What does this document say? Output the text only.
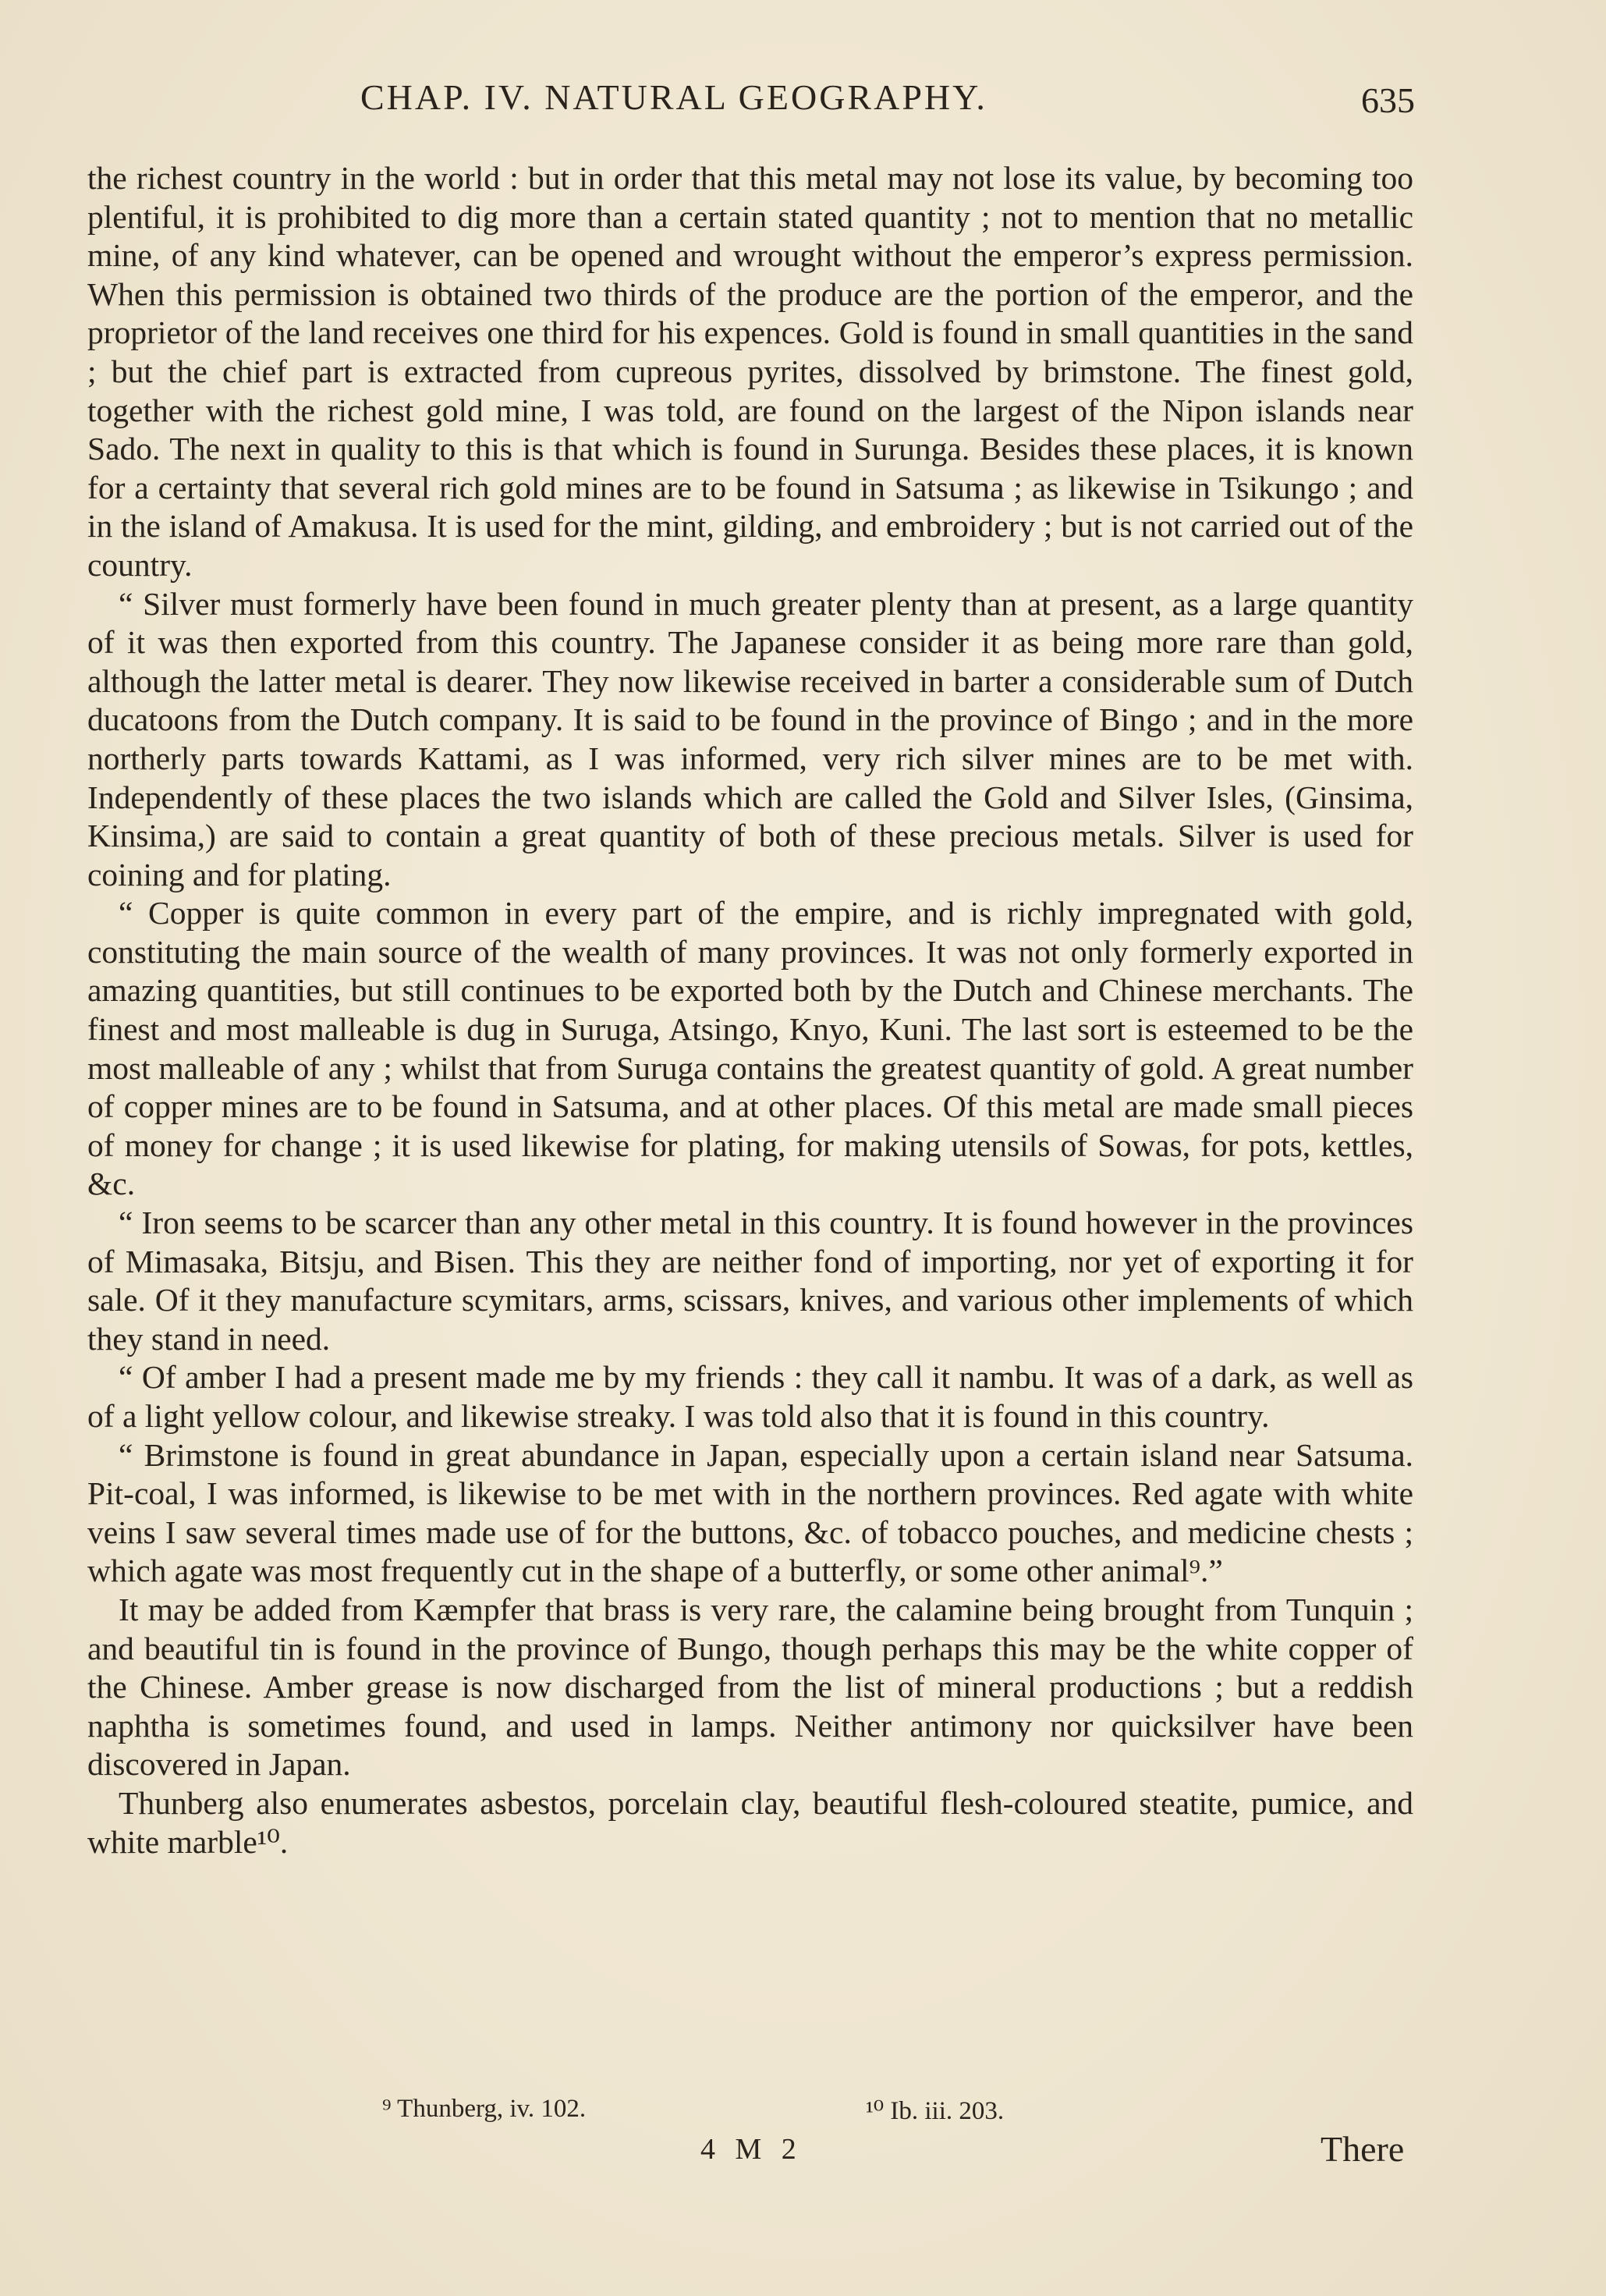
CHAP. IV. NATURAL GEOGRAPHY.	635

the richest country in the world : but in order that this metal may not lose its value, by becoming too plentiful, it is prohibited to dig more than a certain stated quantity ; not to mention that no metallic mine, of any kind whatever, can be opened and wrought without the emperor’s express permission. When this permission is obtained two thirds of the produce are the portion of the emperor, and the proprietor of the land receives one third for his expences. Gold is found in small quantities in the sand ; but the chief part is extracted from cupreous pyrites, dissolved by brimstone. The finest gold, together with the richest gold mine, I was told, are found on the largest of the Nipon islands near Sado. The next in quality to this is that which is found in Surunga. Besides these places, it is known for a certainty that several rich gold mines are to be found in Satsuma ; as likewise in Tsikungo ; and in the island of Amakusa. It is used for the mint, gilding, and embroidery ; but is not carried out of the country.

“ Silver must formerly have been found in much greater plenty than at present, as a large quantity of it was then exported from this country. The Japanese consider it as being more rare than gold, although the latter metal is dearer. They now likewise received in barter a considerable sum of Dutch ducatoons from the Dutch company. It is said to be found in the province of Bingo ; and in the more northerly parts towards Kattami, as I was informed, very rich silver mines are to be met with. Independently of these places the two islands which are called the Gold and Silver Isles, (Ginsima, Kinsima,) are said to contain a great quantity of both of these precious metals. Silver is used for coining and for plating.

“ Copper is quite common in every part of the empire, and is richly impregnated with gold, constituting the main source of the wealth of many provinces. It was not only formerly exported in amazing quantities, but still continues to be exported both by the Dutch and Chinese merchants. The finest and most malleable is dug in Suruga, Atsingo, Knyo, Kuni. The last sort is esteemed to be the most malleable of any ; whilst that from Suruga contains the greatest quantity of gold. A great number of copper mines are to be found in Satsuma, and at other places. Of this metal are made small pieces of money for change ; it is used likewise for plating, for making utensils of Sowas, for pots, kettles, &c.

“ Iron seems to be scarcer than any other metal in this country. It is found however in the provinces of Mimasaka, Bitsju, and Bisen. This they are neither fond of importing, nor yet of exporting it for sale. Of it they manufacture scymitars, arms, scissars, knives, and various other implements of which they stand in need.

“ Of amber I had a present made me by my friends : they call it nambu. It was of a dark, as well as of a light yellow colour, and likewise streaky. I was told also that it is found in this country.

“ Brimstone is found in great abundance in Japan, especially upon a certain island near Satsuma. Pit-coal, I was informed, is likewise to be met with in the northern provinces. Red agate with white veins I saw several times made use of for the buttons, &c. of tobacco pouches, and medicine chests ; which agate was most frequently cut in the shape of a butterfly, or some other animal⁹.”

It may be added from Kæmpfer that brass is very rare, the calamine being brought from Tunquin ; and beautiful tin is found in the province of Bungo, though perhaps this may be the white copper of the Chinese. Amber grease is now discharged from the list of mineral productions ; but a reddish naphtha is sometimes found, and used in lamps. Neither antimony nor quicksilver have been discovered in Japan.

Thunberg also enumerates asbestos, porcelain clay, beautiful flesh-coloured steatite, pumice, and white marble¹⁰.

⁹ Thunberg, iv. 102.	¹⁰ Ib. iii. 203.
4 M 2	There
